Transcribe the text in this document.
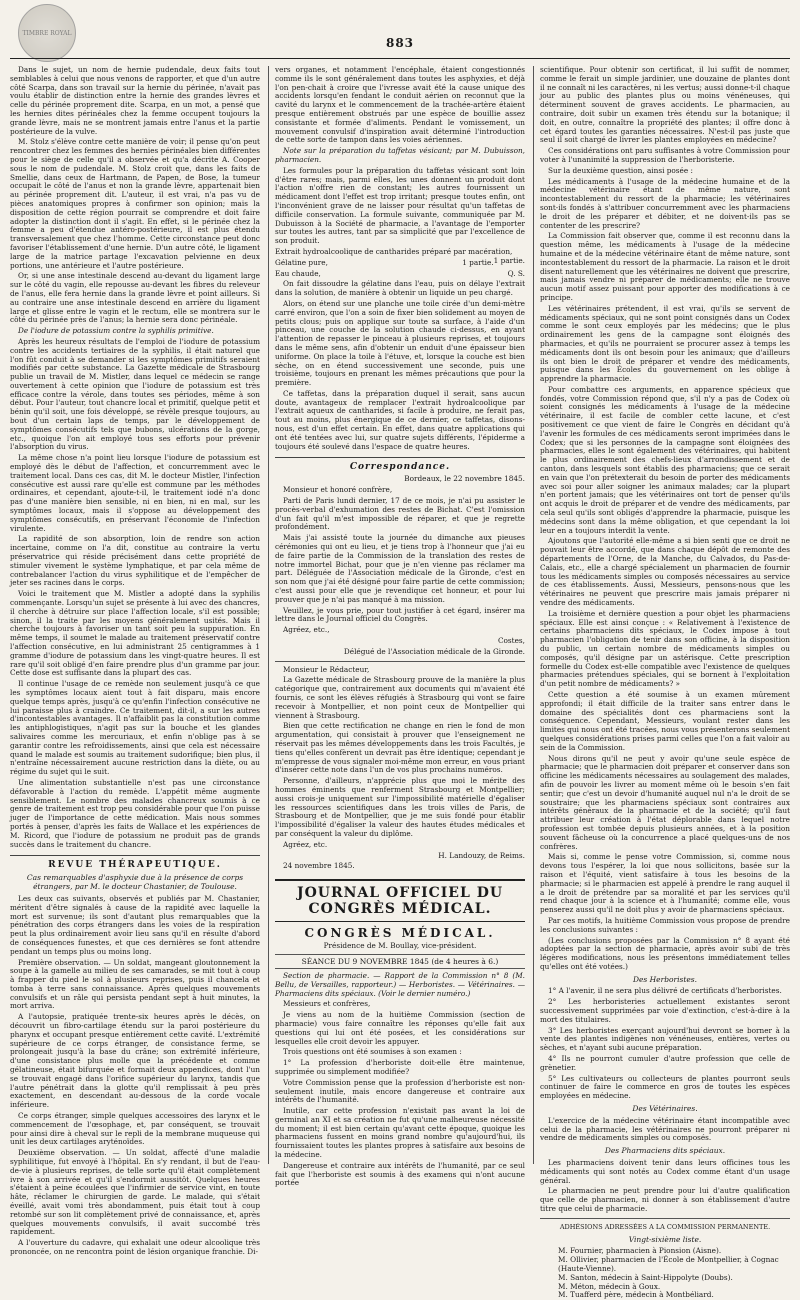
TIMBRE ROYAL
883

Dans le sujet, un nom de hernie pudendale, deux faits tout semblables à celui que nous venons de rapporter, et que d'un autre côté Scarpa, dans son travail sur la hernie du périnée, n'avait pas voulu établir de distinction entre la hernie des grandes lèvres et celle du périnée proprement dite. Scarpa, en un mot, a pensé que les hernies dites périnéales chez la femme occupent toujours la grande lèvre, mais ne se montrent jamais entre l'anus et la partie postérieure de la vulve.

M. Stolz s'élève contre cette manière de voir; il pense qu'on peut rencontrer chez les femmes des hernies périnéales bien différentes pour le siège de celle qu'il a observée et qu'a décrite A. Cooper sous le nom de pudendale. M. Stolz croit que, dans les faits de Smellie, dans ceux de Hartmann, de Papen, de Bose, la tumeur occupait le côté de l'anus et non la grande lèvre, appartenait bien au périnée proprement dit. L'auteur, il est vrai, n'a pas vu de pièces anatomiques propres à confirmer son opinion; mais la disposition de cette région pourrait se comprendre et doit faire adopter la distinction dont il s'agit. En effet, si le périnée chez la femme a peu d'étendue antéro-postérieure, il est plus étendu transversalement que chez l'homme. Cette circonstance peut donc favoriser l'établissement d'une hernie. D'un autre côté, le ligament large de la matrice partage l'excavation pelvienne en deux portions, une antérieure et l'autre postérieure.

Or, si une anse intestinale descend au-devant du ligament large sur le côté du vagin, elle repousse au-devant les fibres du releveur de l'anus, elle fera hernie dans la grande lèvre et point ailleurs. Si au contraire une anse intestinale descend en arrière du ligament large et glisse entre le vagin et le rectum, elle se montrera sur le côté du périnée près de l'anus; la hernie sera donc périnéale.

De l'iodure de potassium contre la syphilis primitive.

Après les heureux résultats de l'emploi de l'iodure de potassium contre les accidents tertiaires de la syphilis, il était naturel que l'on fût conduit à se demander si les symptômes primitifs seraient modifiés par cette substance. La Gazette médicale de Strasbourg publie un travail de M. Mistler, dans lequel ce médecin se range ouvertement à cette opinion que l'iodure de potassium est très efficace contre la vérole, dans toutes ses périodes, même à son début. Pour l'auteur, tout chancre local et primitif, quelque petit et bénin qu'il soit, une fois développé, se révèle presque toujours, au bout d'un certain laps de temps, par le développement de symptômes consécutifs tels que bubons, ulcérations de la gorge, etc., quoique l'on ait employé tous ses efforts pour prévenir l'absorption du virus.

La même chose n'a point lieu lorsque l'iodure de potassium est employé dès le début de l'affection, et concurremment avec le traitement local. Dans ces cas, dit M. le docteur Mistler, l'infection consécutive est aussi rare qu'elle est commune par les méthodes ordinaires, et cependant, ajoute-t-il, le traitement iodé n'a donc pas d'une manière bien sensible, ni en bien, ni en mal, sur les symptômes locaux, mais il s'oppose au développement des symptômes consécutifs, en préservant l'économie de l'infection virulente.

La rapidité de son absorption, loin de rendre son action incertaine, comme on l'a dit, constitue au contraire la vertu préservatrice qui réside précisément dans cette propriété de stimuler vivement le système lymphatique, et par cela même de contrebalancer l'action du virus syphilitique et de l'empêcher de jeter ses racines dans le corps.

Voici le traitement que M. Mistler a adopté dans la syphilis commençante. Lorsqu'un sujet se présente à lui avec des chancres, il cherche à détruire sur place l'affection locale, s'il est possible; sinon, il la traite par les moyens généralement usités. Mais il cherche toujours à favoriser un tant soit peu la suppuration. En même temps, il soumet le malade au traitement préservatif contre l'affection consécutive, en lui administrant 25 centigrammes à 1 gramme d'iodure de potassium dans les vingt-quatre heures. Il est rare qu'il soit obligé d'en faire prendre plus d'un gramme par jour. Cette dose est suffisante dans la plupart des cas.

Il continue l'usage de ce remède non seulement jusqu'à ce que les symptômes locaux aient tout à fait disparu, mais encore quelque temps après, jusqu'à ce qu'enfin l'infection consécutive ne lui paraisse plus à craindre. Ce traitement, dit-il, a sur les autres d'incontestables avantages. Il n'affaiblit pas la constitution comme les antiphlogistiques, n'agit pas sur la bouche et les glandes salivaires comme les mercuriaux, et enfin n'oblige pas à se garantir contre les refroidissements, ainsi que cela est nécessaire quand le malade est soumis au traitement sudorifique; bien plus, il n'entraîne nécessairement aucune restriction dans la diète, ou au régime du sujet qui le suit.

Une alimentation substantielle n'est pas une circonstance défavorable à l'action du remède. L'appétit même augmente sensiblement. Le nombre des malades chancreux soumis à ce genre de traitement est trop peu considérable pour que l'on puisse juger de l'importance de cette médication. Mais nous sommes portés à penser, d'après les faits de Wallace et les expériences de M. Ricord, que l'iodure de potassium ne produit pas de grands succès dans le traitement du chancre.

REVUE THÉRAPEUTIQUE.

Cas remarquables d'asphyxie due à la présence de corps étrangers, par M. le docteur Chastanier, de Toulouse.

Les deux cas suivants, observés et publiés par M. Chastanier, méritent d'être signalés à cause de la rapidité avec laquelle la mort est survenue; ils sont d'autant plus remarquables que la pénétration des corps étrangers dans les voies de la respiration peut la plus ordinairement avoir lieu sans qu'il en résulte d'abord de conséquences funestes, et que ces dernières se font attendre pendant un temps plus ou moins long.

Première observation. — Un soldat, mangeant gloutonnement la soupe à la gamelle au milieu de ses camarades, se mit tout à coup à frapper du pied le sol à plusieurs reprises, puis il chancela et tomba à terre sans connaissance. Après quelques mouvements convulsifs et un râle qui persista pendant sept à huit minutes, la mort arriva.

A l'autopsie, pratiquée trente-six heures après le décès, on découvrit un fibro-cartilage étendu sur la paroi postérieure du pharynx et occupant presque entièrement cette cavité. L'extrémité supérieure de ce corps étranger, de consistance ferme, se prolongeait jusqu'à la base du crâne; son extrémité inférieure, d'une consistance plus molle que la précédente et comme gélatineuse, était bifurquée et formait deux appendices, dont l'un se trouvait engagé dans l'orifice supérieur du larynx, tandis que l'autre pénétrait dans la glotte qu'il remplissait à peu près exactement, en descendant au-dessous de la corde vocale inférieure.

Ce corps étranger, simple quelques accessoires des larynx et le commencement de l'œsophage, et, par conséquent, se trouvait pour ainsi dire à cheval sur le repli de la membrane muqueuse qui unit les deux cartilages aryténoïdes.

Deuxième observation. — Un soldat, affecté d'une maladie syphilitique, fut envoyé à l'hôpital. En s'y rendant, il but de l'eau-de-vie à plusieurs reprises, de telle sorte qu'il était complètement ivre à son arrivée et qu'il s'endormit aussitôt. Quelques heures s'étaient à peine écoulées que l'infirmier de service vint, en toute hâte, réclamer le chirurgien de garde. Le malade, qui s'était éveillé, avait vomi très abondamment, puis était tout à coup retombé sur son lit complètement privé de connaissance, et, après quelques mouvements convulsifs, il avait succombé très rapidement.

A l'ouverture du cadavre, qui exhalait une odeur alcoolique très prononcée, on ne rencontra point de lésion organique franchie. Di-

vers organes, et notamment l'encéphale, étaient congestionnés comme ils le sont généralement dans toutes les asphyxies, et déjà l'on pen-chait à croire que l'ivresse avait été la cause unique des accidents lorsqu'en fendant le conduit aérien on reconnut que la cavité du larynx et le commencement de la trachée-artère étaient presque entièrement obstrués par une espèce de bouillie assez consistante et formée d'aliments. Pendant le vomissement, un mouvement convulsif d'inspiration avait déterminé l'introduction de cette sorte de tampon dans les voies aériennes.

Note sur la préparation du taffetas vésicant; par M. Dubuisson, pharmacien.

Les formules pour la préparation du taffetas vésicant sont loin d'être rares; mais, parmi elles, les unes donnent un produit dont l'action n'offre rien de constant; les autres fournissent un médicament dont l'effet est trop irritant; presque toutes enfin, ont l'inconvénient grave de ne laisser pour résultat qu'un taffetas de difficile conservation. La formule suivante, communiquée par M. Dubuisson à la Société de pharmacie, a l'avantage de l'emporter sur toutes les autres, tant par sa simplicité que par l'excellence de son produit.

Extrait hydroalcoolique de cantharides préparé par macération,
1 partie.

Gélatine pure,	1 partie.

Eau chaude,	Q. S.

On fait dissoudre la gélatine dans l'eau, puis on délaye l'extrait dans la solution, de manière à obtenir un liquide un peu chargé.

Alors, on étend sur une planche une toile cirée d'un demi-mètre carré environ, que l'on a soin de fixer bien solidement au moyen de petits clous; puis on applique sur toute sa surface, à l'aide d'un pinceau, une couche de la solution chaude ci-dessus, en ayant l'attention de repasser le pinceau à plusieurs reprises, et toujours dans le même sens, afin d'obtenir un enduit d'une épaisseur bien uniforme. On place la toile à l'étuve, et, lorsque la couche est bien sèche, on en étend successivement une seconde, puis une troisième, toujours en prenant les mêmes précautions que pour la première.

Ce taffetas, dans la préparation duquel il serait, sans aucun doute, avantageux de remplacer l'extrait hydroalcoolique par l'extrait aqueux de cantharides, si facile à produire, ne ferait pas, tout au moins, plus énergique de ce dernier, ce taffetas, disons-nous, est d'un effet certain. En effet, dans quatre applications qui ont été tentées avec lui, sur quatre sujets différents, l'épiderme a toujours été soulevé dans l'espace de quatre heures.

Correspondance.

Bordeaux, le 22 novembre 1845.

Monsieur et honoré confrère,

Parti de Paris lundi dernier, 17 de ce mois, je n'ai pu assister le procès-verbal d'exhumation des restes de Bichat. C'est l'omission d'un fait qu'il m'est impossible de réparer, et que je regrette profondément.

Mais j'ai assisté toute la journée du dimanche aux pieuses cérémonies qui ont eu lieu, et je tiens trop à l'honneur que j'ai eu de faire partie de la Commission de la translation des restes de notre immortel Bichat, pour que je n'en vienne pas réclamer ma part. Déléguée de l'Association médicale de la Gironde, c'est en son nom que j'ai été désigné pour faire partie de cette commission; c'est aussi pour elle que je revendique cet honneur, et pour lui prouver que je n'ai pas manqué à ma mission.

Veuillez, je vous prie, pour tout justifier à cet égard, insérer ma lettre dans le Journal officiel du Congrès.

Agréez, etc.,

Costes,

Délégué de l'Association médicale de la Gironde.

Monsieur le Rédacteur,

La Gazette médicale de Strasbourg prouve de la manière la plus catégorique que, contrairement aux documents qui m'avaient été fournis, ce sont les élèves réfugiés à Strasbourg qui vont se faire recevoir à Montpellier, et non point ceux de Montpellier qui viennent à Strasbourg.

Bien que cette rectification ne change en rien le fond de mon argumentation, qui consistait à prouver que l'enseignement ne réservait pas les mêmes développements dans les trois Facultés, je tiens qu'elles confèrent un devrait pas être identique; cependant je m'empresse de vous signaler moi-même mon erreur, en vous priant d'insérer cette note dans l'un de vos plus prochains numéros.

Personne, d'ailleurs, n'apprécie plus que moi le mérite des hommes éminents que renferment Strasbourg et Montpellier; aussi crois-je uniquement sur l'impossibilité matérielle d'égaliser les ressources scientifiques dans les trois villes de Paris, de Strasbourg et de Montpellier, que je me suis fondé pour établir l'impossibilité d'égaliser la valeur des hautes études médicales et par conséquent la valeur du diplôme.

Agréez, etc.

H. Landouzy, de Reims.

24 novembre 1845.

JOURNAL OFFICIEL DU CONGRÈS MÉDICAL.
CONGRÈS MÉDICAL.

Présidence de M. Boullay, vice-président.

SÉANCE DU 9 NOVEMBRE 1845 (de 4 heures à 6.)

Section de pharmacie. — Rapport de la Commission n° 8 (M. Bellu, de Versailles, rapporteur.) — Herboristes. — Vétérinaires. — Pharmaciens dits spéciaux. (Voir le dernier numéro.)

Messieurs et confrères,

Je viens au nom de la huitième Commission (section de pharmacie) vous faire connaître les réponses qu'elle fait aux questions qui lui ont été posées, et les considérations sur lesquelles elle croit devoir les appuyer.

Trois questions ont été soumises à son examen :

1° La profession d'herboriste doit-elle être maintenue, supprimée ou simplement modifiée?

Votre Commission pense que la profession d'herboriste est non-seulement inutile, mais encore dangereuse et contraire aux intérêts de l'humanité.

Inutile, car cette profession n'existait pas avant la loi de germinal an XI et sa création ne fut qu'une malheureuse nécessité du moment; il est bien certain qu'avant cette époque, quoique les pharmaciens fussent en moins grand nombre qu'aujourd'hui, ils fournissaient toutes les plantes propres à satisfaire aux besoins de la médecine.

Dangereuse et contraire aux intérêts de l'humanité, par ce seul fait que l'herboriste est soumis à des examens qui n'ont aucune portée

scientifique. Pour obtenir son certificat, il lui suffit de nommer, comme le ferait un simple jardinier, une douzaine de plantes dont il ne connaît ni les caractères, ni les vertus; aussi donne-t-il chaque jour au public des plantes plus ou moins vénéneuses, qui déterminent souvent de graves accidents. Le pharmacien, au contraire, doit subir un examen très étendu sur la botanique; il doit, en outre, connaître la propriété des plantes; il offre donc à cet égard toutes les garanties nécessaires. N'est-il pas juste que seul il soit chargé de livrer les plantes employées en médecine?

Ces considérations ont paru suffisantes à votre Commission pour voter à l'unanimité la suppression de l'herboristerie.

Sur la deuxième question, ainsi posée :

Les médicaments à l'usage de la médecine humaine et de la médecine vétérinaire étant de même nature, sont incontestablement du ressort de la pharmacie; les vétérinaires sont-ils fondés à s'attribuer concurremment avec les pharmaciens le droit de les préparer et débiter, et ne doivent-ils pas se contenter de les prescrire?

La Commission fait observer que, comme il est reconnu dans la question même, les médicaments à l'usage de la médecine humaine et de la médecine vétérinaire étant de même nature, sont incontestablement du ressort de la pharmacie. La raison et le droit disent naturellement que les vétérinaires ne doivent que prescrire, mais jamais vendre ni préparer de médicaments; elle ne trouve aucun motif assez puissant pour apporter des modifications à ce principe.

Les vétérinaires prétendent, il est vrai, qu'ils se servent de médicaments spéciaux, qui ne sont point consignés dans un Codex comme le sont ceux employés par les médecins; que le plus ordinairement les gens de la campagne sont éloignés des pharmacies, et qu'ils ne pourraient se procurer assez à temps les médicaments dont ils ont besoin pour les animaux; que d'ailleurs ils ont bien le droit de préparer et vendre des médicaments, puisque dans les Écoles du gouvernement on les oblige à apprendre la pharmacie.

Pour combattre ces arguments, en apparence spécieux que fondés, votre Commission répond que, s'il n'y a pas de Codex où soient consignés les médicaments à l'usage de la médecine vétérinaire, il est facile de combler cette lacune, et c'est positivement ce que vient de faire le Congrès en décidant qu'à l'avenir les formules de ces médicaments seront imprimées dans le Codex; que si les personnes de la campagne sont éloignées des pharmacies, elles le sont également des vétérinaires, qui habitent le plus ordinairement des chefs-lieux d'arrondissement et de canton, dans lesquels sont établis des pharmaciens; que ce serait en vain que l'on prétexterait du besoin de porter des médicaments avec soi pour aller soigner les animaux malades; car la plupart n'en portent jamais; que les vétérinaires ont tort de penser qu'ils ont acquis le droit de préparer et de vendre des médicaments, par cela seul qu'ils sont obligés d'apprendre la pharmacie, puisque les médecins sont dans la même obligation, et que cependant la loi leur en a toujours interdit la vente.

Ajoutons que l'autorité elle-même a si bien senti que ce droit ne pouvait leur être accordé, que dans chaque dépôt de remonte des départements de l'Orne, de la Manche, du Calvados, du Pas-de-Calais, etc., elle a chargé spécialement un pharmacien de fournir tous les médicaments simples ou composés nécessaires au service de ces établissements. Aussi, Messieurs, pensons-nous que les vétérinaires ne peuvent que prescrire mais jamais préparer ni vendre des médicaments.

La troisième et dernière question a pour objet les pharmaciens spéciaux. Elle est ainsi conçue : « Relativement à l'existence de certains pharmaciens dits spéciaux, le Codex impose à tout pharmacien l'obligation de tenir dans son officine, à la disposition du public, un certain nombre de médicaments simples ou composés, qu'il désigne par un astérisque. Cette prescription formelle du Codex est-elle compatible avec l'existence de quelques pharmacies prétendues spéciales, qui se bornent à l'exploitation d'un petit nombre de médicaments? »

Cette question a été soumise à un examen mûrement approfondi; il était difficile de la traiter sans entrer dans le domaine des spécialités dont ces pharmaciens sont la conséquence. Cependant, Messieurs, voulant rester dans les limites qui nous ont été tracées, nous vous présenterons seulement quelques considérations prises parmi celles que l'on a fait valoir au sein de la Commission.

Nous dirons qu'il ne peut y avoir qu'une seule espèce de pharmacie; que le pharmacien doit préparer et conserver dans son officine les médicaments nécessaires au soulagement des malades, afin de pouvoir les livrer au moment même où le besoin s'en fait sentir; que c'est un devoir d'humanité auquel nul n'a le droit de se soustraire; que les pharmaciens spéciaux sont contraires aux intérêts généraux de la pharmacie et de la société; qu'il faut attribuer leur création à l'état déplorable dans lequel notre profession est tombée depuis plusieurs années, et à la position souvent fâcheuse où la concurrence a placé quelques-uns de nos confrères.

Mais si, comme le pense votre Commission, si, comme nous devons tous l'espérer, la loi que nous sollicitons, basée sur la raison et l'équité, vient satisfaire à tous les besoins de la pharmacie; si le pharmacien est appelé à prendre le rang auquel il a le droit de prétendre par sa moralité et par les services qu'il rend chaque jour à la science et à l'humanité; comme elle, vous penserez aussi qu'il ne doit plus y avoir de pharmaciens spéciaux.

Par ces motifs, la huitième Commission vous propose de prendre les conclusions suivantes :

(Les conclusions proposées par la Commission n° 8 ayant été adoptées par la section de pharmacie, après avoir subi de très légères modifications, nous les présentons immédiatement telles qu'elles ont été votées.)

Des Herboristes.

1° A l'avenir, il ne sera plus délivré de certificats d'herboristes.

2° Les herboristeries actuellement existantes seront successivement supprimées par voie d'extinction, c'est-à-dire à la mort des titulaires.

3° Les herboristes exerçant aujourd'hui devront se borner à la vente des plantes indigènes non vénéneuses, entières, vertes ou sèches, et n'ayant subi aucune préparation.

4° Ils ne pourront cumuler d'autre profession que celle de grènetier.

5° Les cultivateurs ou collecteurs de plantes pourront seuls continuer de faire le commerce en gros de toutes les espèces employées en médecine.

Des Vétérinaires.

L'exercice de la médecine vétérinaire étant incompatible avec celui de la pharmacie, les vétérinaires ne pourront préparer ni vendre de médicaments simples ou composés.

Des Pharmaciens dits spéciaux.

Les pharmaciens doivent tenir dans leurs officines tous les médicaments qui sont notés au Codex comme étant d'un usage général.

Le pharmacien ne peut prendre pour lui d'autre qualification que celle de pharmacien, ni donner à son établissement d'autre titre que celui de pharmacie.

ADHÉSIONS ADRESSÉES A LA COMMISSION PERMANENTE.

Vingt-sixième liste.

M. Fournier, pharmacien à Pionsion (Aisne).
M. Ollivier, pharmacien de l'École de Montpellier, à Cognac (Haute-Vienne).
M. Santon, médecin à Saint-Hippolyte (Doubs).
M. Méton, médecin à Goux.
M. Tuafferd père, médecin à Montbéliard.
